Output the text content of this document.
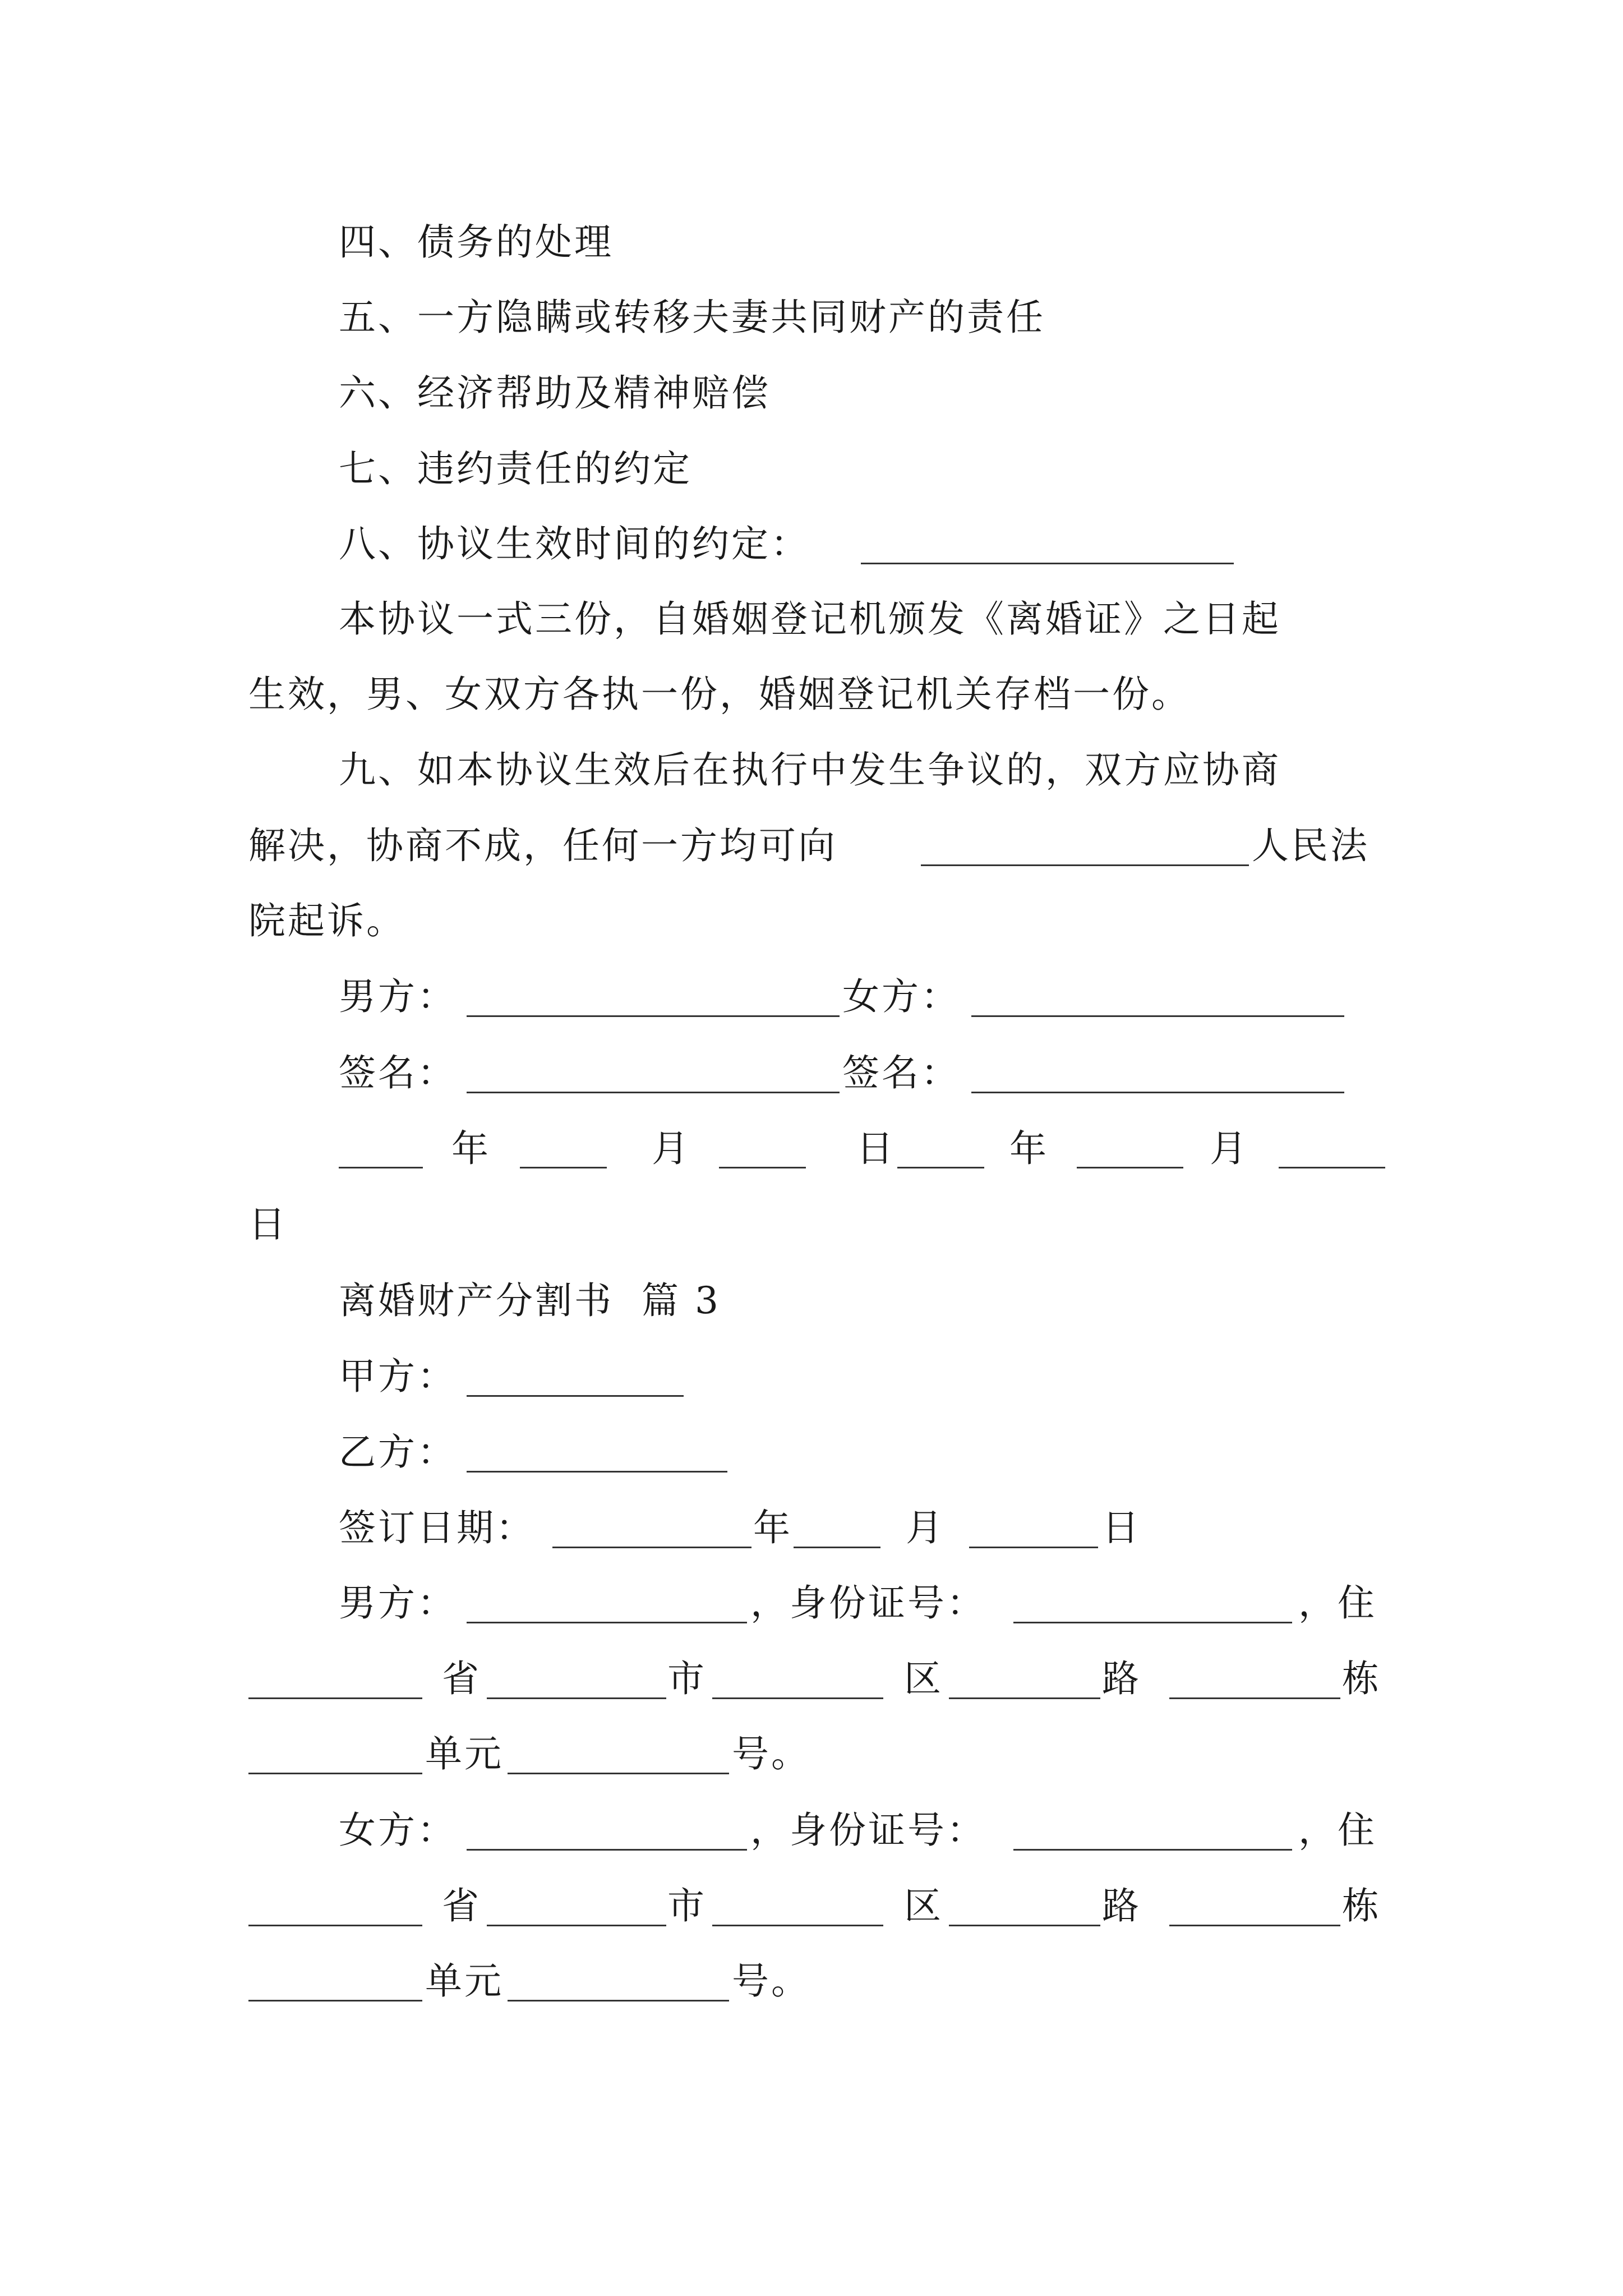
四、债务的处理
五、一方隐瞒或转移夫妻共同财产的责任
六、经济帮助及精神赔偿
七、违约责任的约定
八、协议生效时间的约定：
本协议一式三份，自婚姻登记机颁发《离婚证》之日起
生效，男、女双方各执一份，婚姻登记机关存档一份。
九、如本协议生效后在执行中发生争议的，双方应协商
解决，协商不成，任何一方均可向	人民法
院起诉。
男方：	女方：
签名：	签名：
年	月	日	年	月
日
离婚财产分割书  篇 3
甲方：
乙方：
签订日期：	年	月	日
男方：	，身份证号：	，住
省	市	区	路	栋
单元	号。
女方：	，身份证号：	，住
省	市	区	路	栋
单元	号。
